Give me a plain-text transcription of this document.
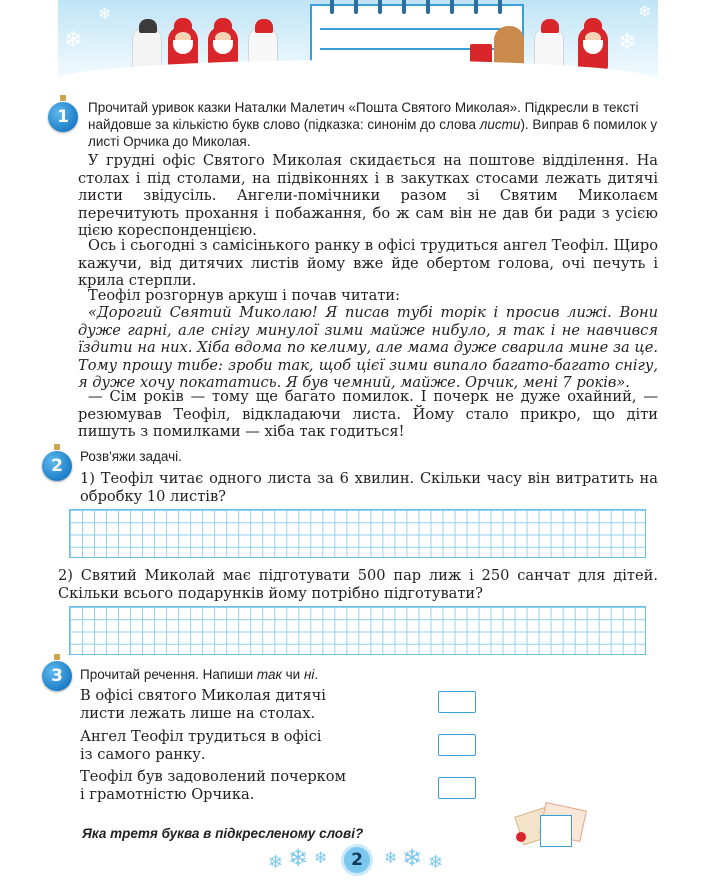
❄
❄
❄
❄
1	Прочитай уривок казки Наталки Малетич «Пошта Святого Миколая». Підкресли в тексті найдовше за кількістю букв слово (підказка: синонім до слова листи). Виправ 6 помилок у листі Орчика до Миколая.
У грудні офіс Святого Миколая скидається на поштове відділення. На столах і під столами, на підвіконнях і в закутках стосами лежать дитячі листи звідусіль. Ангели-помічники разом зі Святим Миколаєм перечитують прохання і побажання, бо ж сам він не дав би ради з усією цією кореспонденцією.
Ось і сьогодні з самісінького ранку в офісі трудиться ангел Теофіл. Щиро кажучи, від дитячих листів йому вже йде обертом голова, очі печуть і крила стерпли.
Теофіл розгорнув аркуш і почав читати:
«Дорогий Святий Миколаю! Я писав тубі торік і просив лижі. Вони дуже гарні, але снігу минулої зими майже нибуло, я так і не навчився їздити на них. Хіба вдома по келиму, але мама дуже сварила мине за це. Тому прошу тибе: зроби так, щоб цієї зими випало багато-багато снігу, я дуже хочу покататись. Я був чемний, майже. Орчик, мені 7 років».
— Сім років — тому ще багато помилок. І почерк не дуже охайний, — резюмував Теофіл, відкладаючи листа. Йому стало прикро, що діти пишуть з помилками — хіба так годиться!
2	Розв'яжи задачі.
1) Теофіл читає одного листа за 6 хвилин. Скільки часу він витратить на обробку 10 листів?
2) Святий Миколай має підготувати 500 пар лиж і 250 санчат для дітей. Скільки всього подарунків йому потрібно підготувати?
3	Прочитай речення. Напиши так чи ні.
В офісі святого Миколая дитячі
листи лежать лише на столах.
Ангел Теофіл трудиться в офісі
із самого ранку.
Теофіл був задоволений почерком
і грамотністю Орчика.
Яка третя буква в підкресленому слові?
❄ ❄ ❄	2	❄ ❄ ❄
